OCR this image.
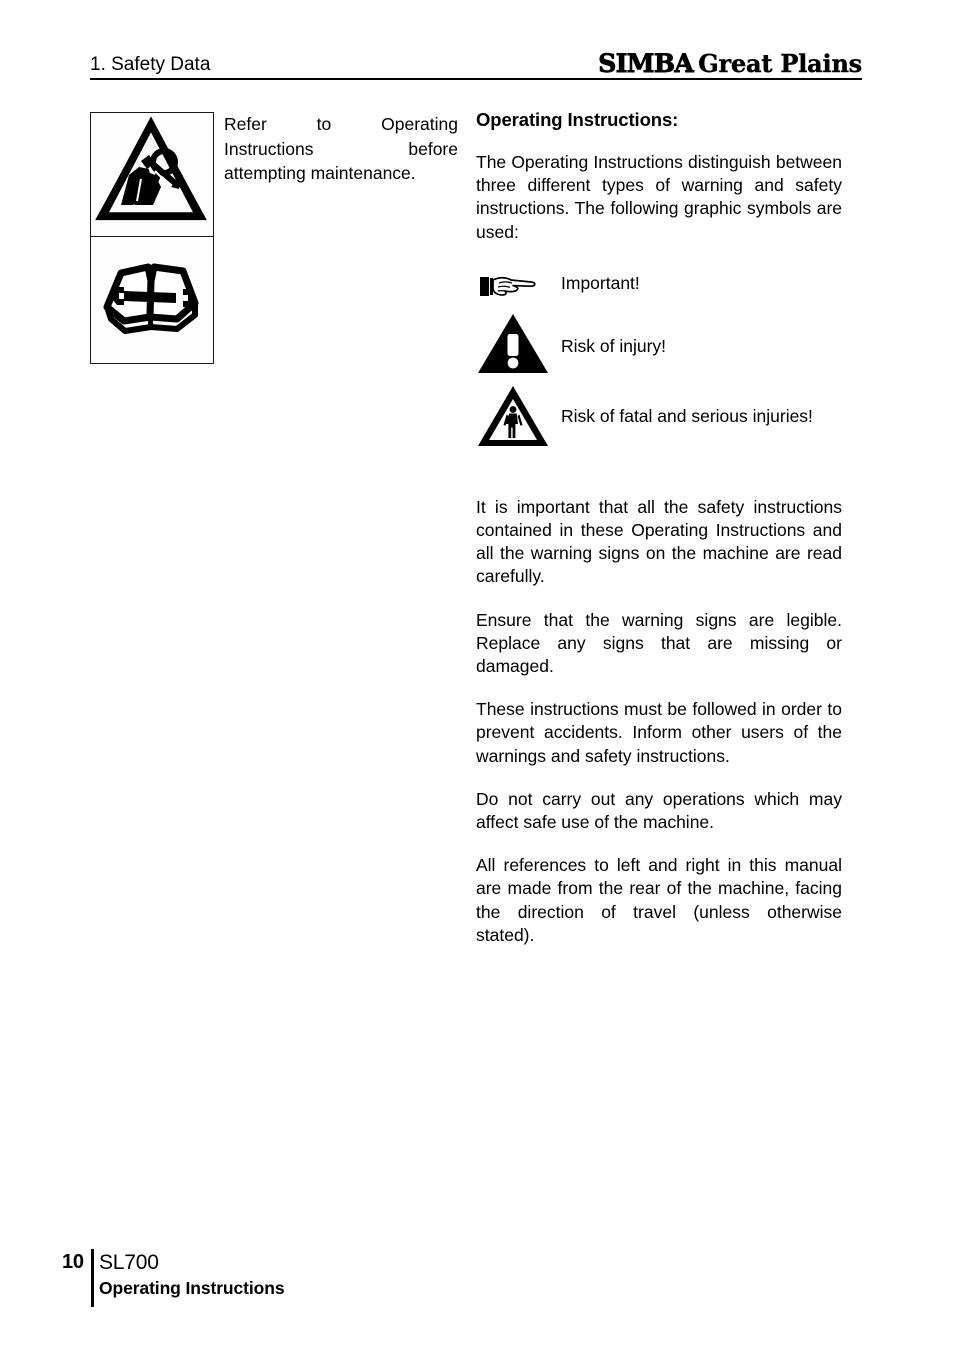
1. Safety Data	SIMBA Great Plains
Refer to Operating
Instructions before
attempting maintenance.
Operating Instructions:

The Operating Instructions distinguish between three different types of warning and safety instructions. The following graphic symbols are used:

Important!
Risk of injury!
Risk of fatal and serious injuries!

It is important that all the safety instructions contained in these Operating Instructions and all the warning signs on the machine are read carefully.

Ensure that the warning signs are legible. Replace any signs that are missing or damaged.

These instructions must be followed in order to prevent accidents. Inform other users of the warnings and safety instructions.

Do not carry out any operations which may affect safe use of the machine.

All references to left and right in this manual are made from the rear of the machine, facing the direction of travel (unless otherwise stated).

10 SL700
Operating Instructions
